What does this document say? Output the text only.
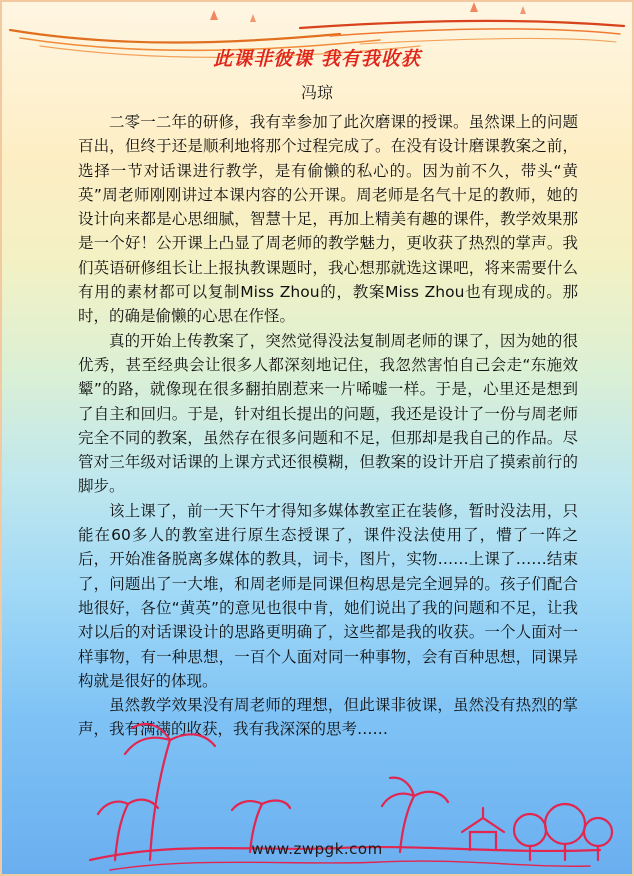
此课非彼课 我有我收获
冯琼

二零一二年的研修，我有幸参加了此次磨课的授课。虽然课上的问题百出，但终于还是顺利地将那个过程完成了。在没有设计磨课教案之前，选择一节对话课进行教学，是有偷懒的私心的。因为前不久，带头“黄英”周老师刚刚讲过本课内容的公开课。周老师是名气十足的教师，她的设计向来都是心思细腻，智慧十足，再加上精美有趣的课件，教学效果那是一个好！公开课上凸显了周老师的教学魅力，更收获了热烈的掌声。我们英语研修组长让上报执教课题时，我心想那就选这课吧，将来需要什么有用的素材都可以复制Miss Zhou的，教案Miss Zhou也有现成的。那时，的确是偷懒的心思在作怪。

真的开始上传教案了，突然觉得没法复制周老师的课了，因为她的很优秀，甚至经典会让很多人都深刻地记住，我忽然害怕自己会走“东施效颦”的路，就像现在很多翻拍剧惹来一片唏嘘一样。于是，心里还是想到了自主和回归。于是，针对组长提出的问题，我还是设计了一份与周老师完全不同的教案，虽然存在很多问题和不足，但那却是我自己的作品。尽管对三年级对话课的上课方式还很模糊，但教案的设计开启了摸索前行的脚步。

该上课了，前一天下午才得知多媒体教室正在装修，暂时没法用，只能在60多人的教室进行原生态授课了，课件没法使用了，懵了一阵之后，开始准备脱离多媒体的教具，词卡，图片，实物……上课了……结束了，问题出了一大堆，和周老师是同课但构思是完全迥异的。孩子们配合地很好，各位“黄英”的意见也很中肯，她们说出了我的问题和不足，让我对以后的对话课设计的思路更明确了，这些都是我的收获。一个人面对一样事物，有一种思想，一百个人面对同一种事物，会有百种思想，同课异构就是很好的体现。

虽然教学效果没有周老师的理想，但此课非彼课，虽然没有热烈的掌声，我有满满的收获，我有我深深的思考……

www.zwpgk.com
